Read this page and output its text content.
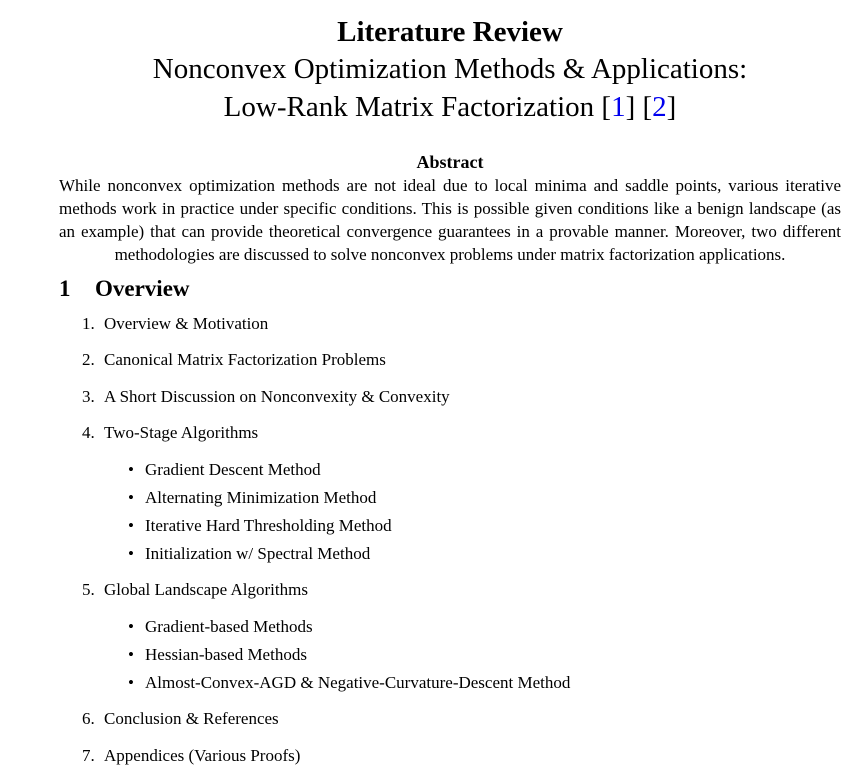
Literature Review
Nonconvex Optimization Methods & Applications:
Low-Rank Matrix Factorization [1] [2]
Abstract
While nonconvex optimization methods are not ideal due to local minima and saddle points, various iterative methods work in practice under specific conditions. This is possible given conditions like a benign landscape (as an example) that can provide theoretical convergence guarantees in a provable manner. Moreover, two different methodologies are discussed to solve nonconvex problems under matrix factorization applications.
1 Overview
1. Overview & Motivation
2. Canonical Matrix Factorization Problems
3. A Short Discussion on Nonconvexity & Convexity
4. Two-Stage Algorithms
• Gradient Descent Method
• Alternating Minimization Method
• Iterative Hard Thresholding Method
• Initialization w/ Spectral Method
5. Global Landscape Algorithms
• Gradient-based Methods
• Hessian-based Methods
• Almost-Convex-AGD & Negative-Curvature-Descent Method
6. Conclusion & References
7. Appendices (Various Proofs)
